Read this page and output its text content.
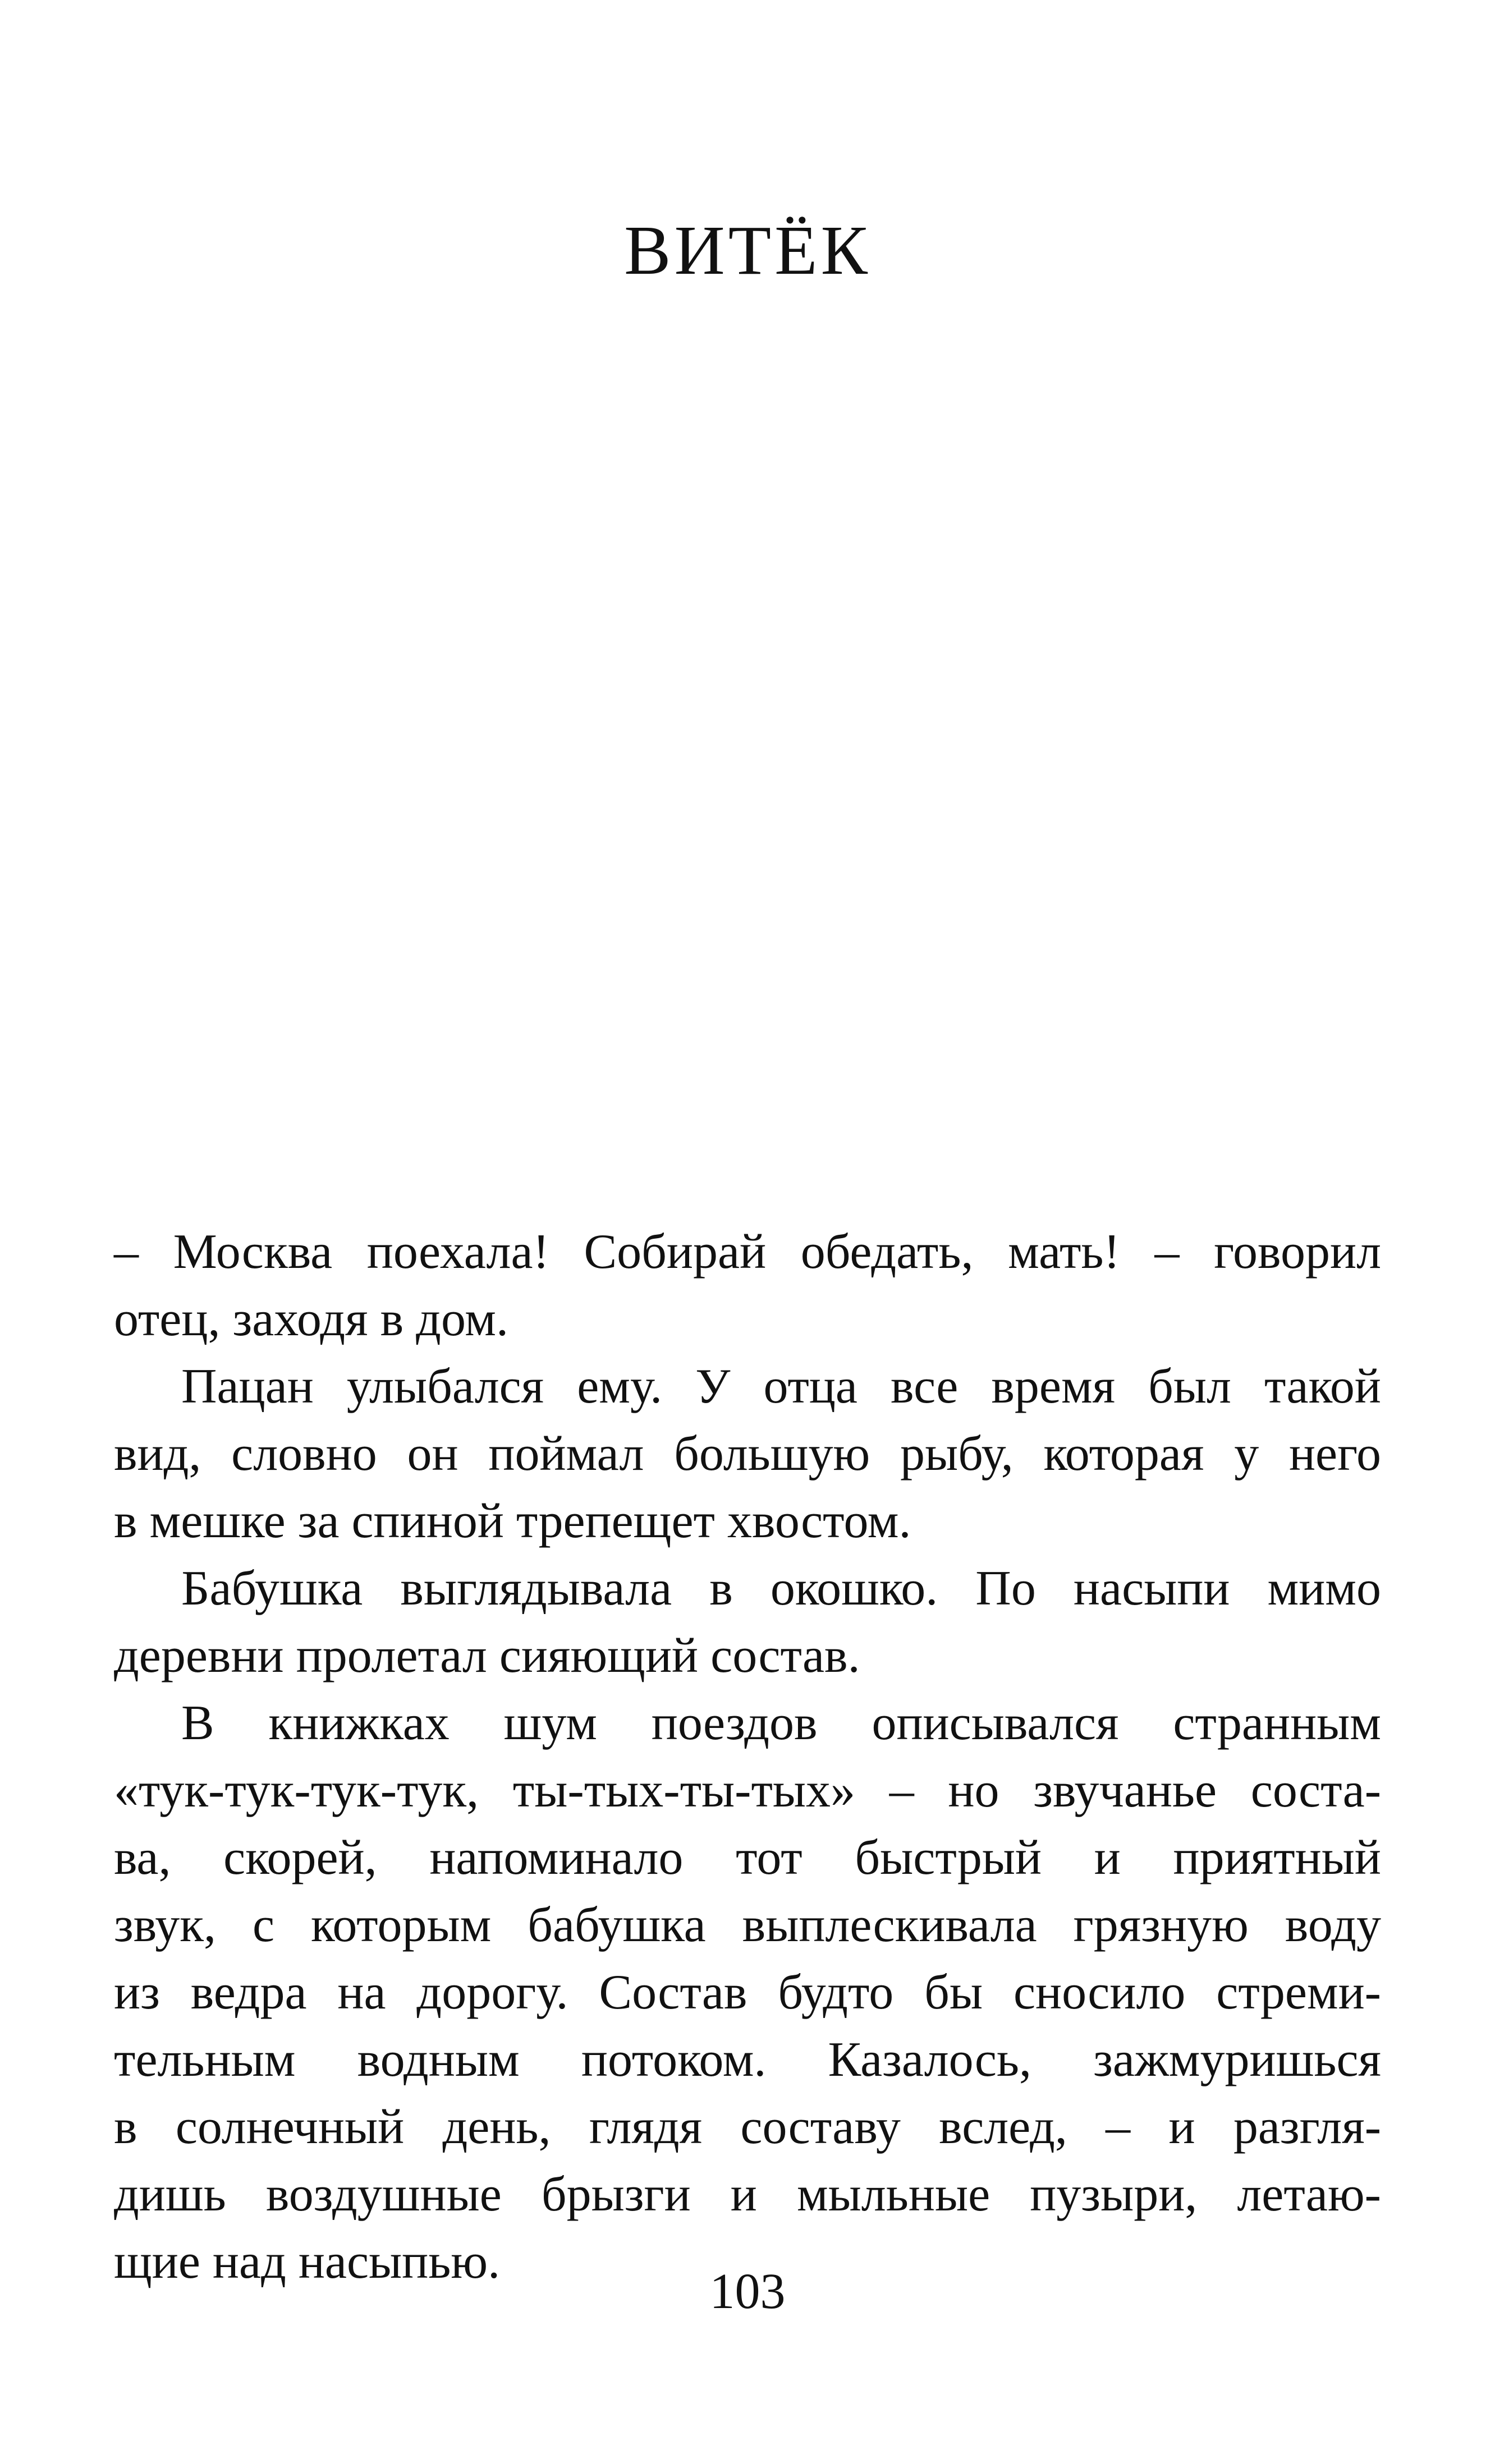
ВИТЁК
– Москва поехала! Собирай обедать, мать! – говорил
отец, заходя в дом.
Пацан улыбался ему. У отца все время был такой
вид, словно он поймал большую рыбу, которая у него
в мешке за спиной трепещет хвостом.
Бабушка выглядывала в окошко. По насыпи мимо
деревни пролетал сияющий состав.
В книжках шум поездов описывался странным
«тук-тук-тук-тук, ты-тых-ты-тых» – но звучанье соста-
ва, скорей, напоминало тот быстрый и приятный
звук, с которым бабушка выплескивала грязную воду
из ведра на дорогу. Состав будто бы сносило стреми-
тельным водным потоком. Казалось, зажмуришься
в солнечный день, глядя составу вслед, – и разгля-
дишь воздушные брызги и мыльные пузыри, летаю-
щие над насыпью.
103
